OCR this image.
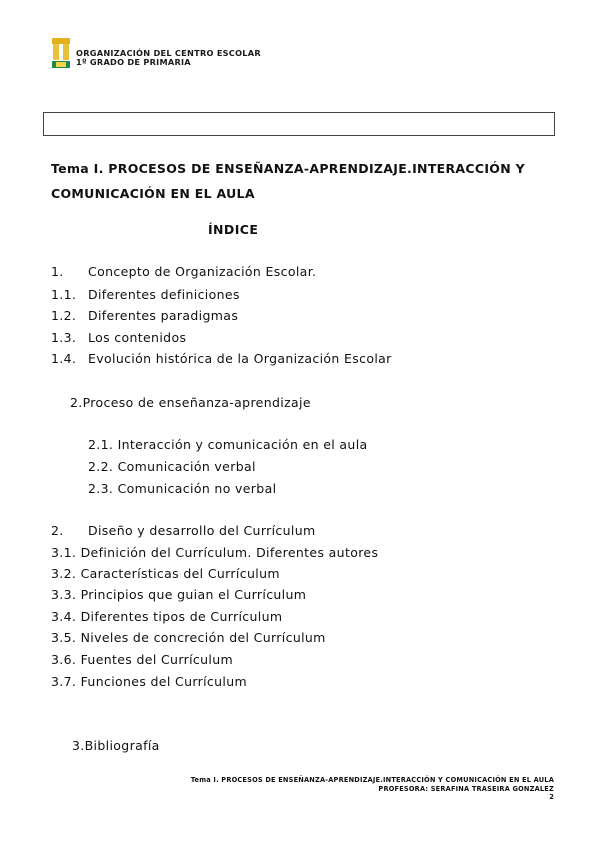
ORGANIZACIÓN DEL CENTRO ESCOLAR
1º GRADO DE PRIMARIA
Tema I. PROCESOS DE ENSEÑANZA-APRENDIZAJE.INTERACCIÓN Y COMUNICACIÓN EN EL AULA
ÍNDICE
1. Concepto de Organización Escolar.
1.1. Diferentes definiciones
1.2. Diferentes paradigmas
1.3. Los contenidos
1.4. Evolución histórica de la Organización Escolar
2.Proceso de enseñanza-aprendizaje
2.1. Interacción y comunicación en el aula
2.2. Comunicación verbal
2.3. Comunicación no verbal
2. Diseño y desarrollo del Currículum
3.1. Definición del Currículum. Diferentes autores
3.2. Características del Currículum
3.3. Principios que guian el Currículum
3.4. Diferentes tipos de Currículum
3.5. Niveles de concreción del Currículum
3.6. Fuentes del Currículum
3.7. Funciones del Currículum
3.Bibliografía
Tema I. PROCESOS DE ENSEÑANZA-APRENDIZAJE.INTERACCIÓN Y COMUNICACIÓN EN EL AULA
PROFESORA: SERAFINA TRASEIRA GONZALEZ
2
